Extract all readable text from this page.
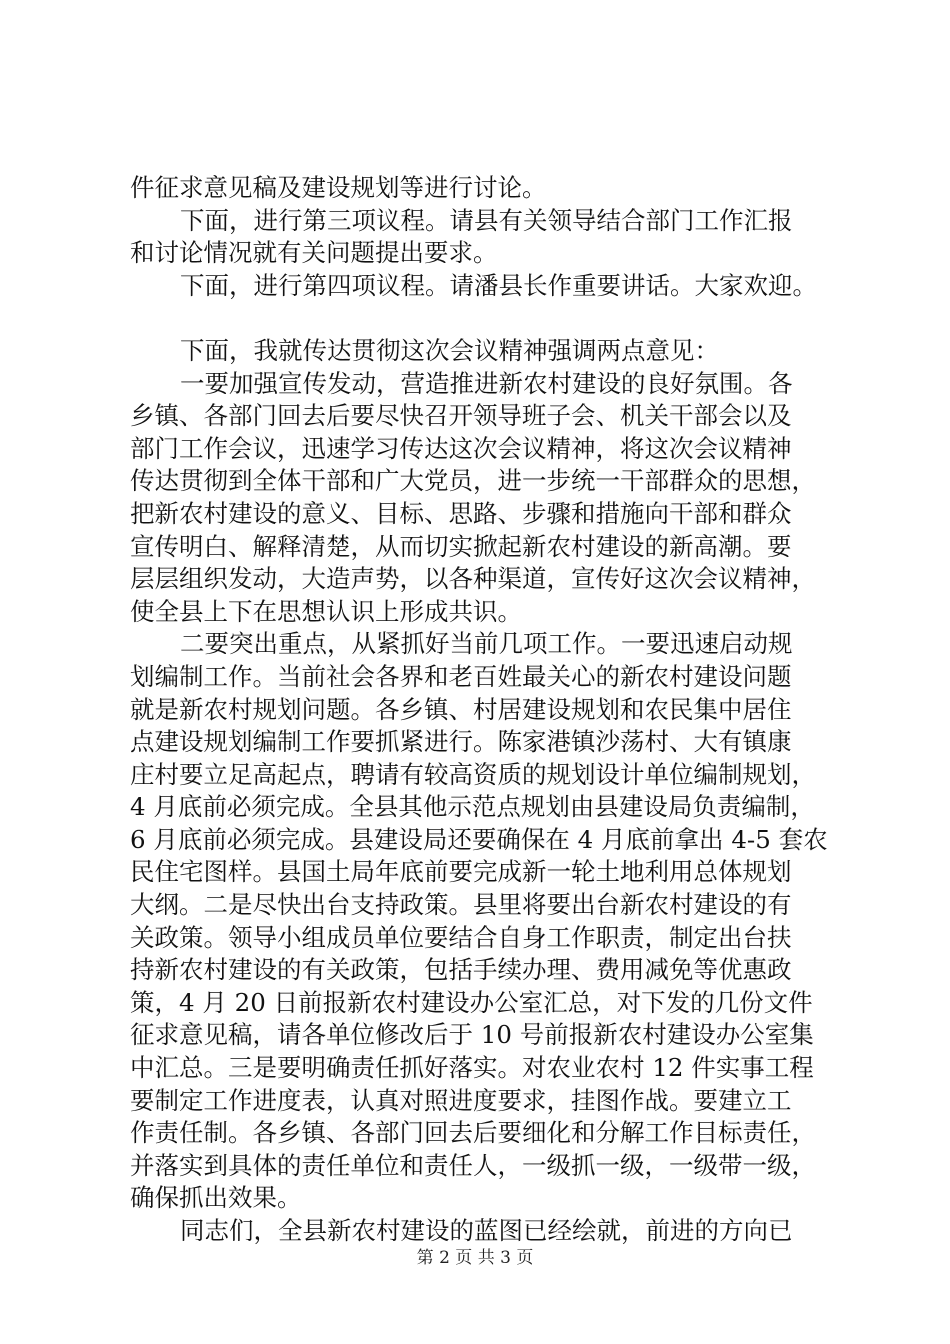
件征求意见稿及建设规划等进行讨论。
下面，进行第三项议程。请县有关领导结合部门工作汇报
和讨论情况就有关问题提出要求。
下面，进行第四项议程。请潘县长作重要讲话。大家欢迎。
下面，我就传达贯彻这次会议精神强调两点意见：
一要加强宣传发动，营造推进新农村建设的良好氛围。各
乡镇、各部门回去后要尽快召开领导班子会、机关干部会以及
部门工作会议，迅速学习传达这次会议精神，将这次会议精神
传达贯彻到全体干部和广大党员，进一步统一干部群众的思想，
把新农村建设的意义、目标、思路、步骤和措施向干部和群众
宣传明白、解释清楚，从而切实掀起新农村建设的新高潮。要
层层组织发动，大造声势，以各种渠道，宣传好这次会议精神，
使全县上下在思想认识上形成共识。
二要突出重点，从紧抓好当前几项工作。一要迅速启动规
划编制工作。当前社会各界和老百姓最关心的新农村建设问题
就是新农村规划问题。各乡镇、村居建设规划和农民集中居住
点建设规划编制工作要抓紧进行。陈家港镇沙荡村、大有镇康
庄村要立足高起点，聘请有较高资质的规划设计单位编制规划，
4 月底前必须完成。全县其他示范点规划由县建设局负责编制，
6 月底前必须完成。县建设局还要确保在 4 月底前拿出 4-5 套农
民住宅图样。县国土局年底前要完成新一轮土地利用总体规划
大纲。二是尽快出台支持政策。县里将要出台新农村建设的有
关政策。领导小组成员单位要结合自身工作职责，制定出台扶
持新农村建设的有关政策，包括手续办理、费用减免等优惠政
策，4 月 20 日前报新农村建设办公室汇总，对下发的几份文件
征求意见稿，请各单位修改后于 10 号前报新农村建设办公室集
中汇总。三是要明确责任抓好落实。对农业农村 12 件实事工程
要制定工作进度表，认真对照进度要求，挂图作战。要建立工
作责任制。各乡镇、各部门回去后要细化和分解工作目标责任，
并落实到具体的责任单位和责任人，一级抓一级，一级带一级，
确保抓出效果。
同志们，全县新农村建设的蓝图已经绘就，前进的方向已
第 2 页 共 3 页
